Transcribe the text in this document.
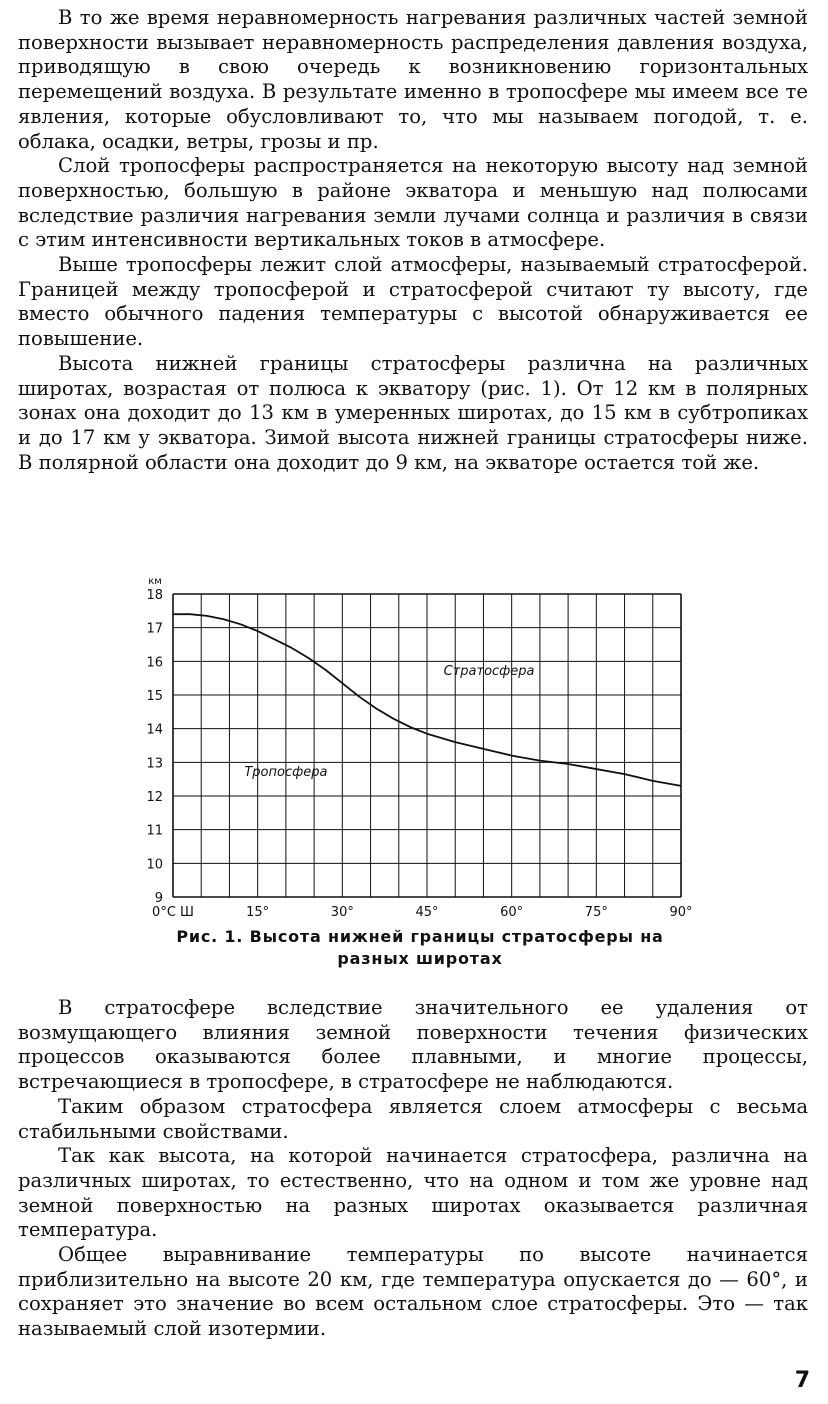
В то же время неравномерность нагревания различных частей земной поверхности вызывает неравномерность распределения давления воздуха, приводящую в свою очередь к возникновению горизонтальных перемещений воздуха. В результате именно в тропосфере мы имеем все те явления, которые обусловливают то, что мы называем погодой, т. е. облака, осадки, ветры, грозы и пр.

Слой тропосферы распространяется на некоторую высоту над земной поверхностью, большую в районе экватора и меньшую над полюсами вследствие различия нагревания земли лучами солнца и различия в связи с этим интенсивности вертикальных токов в атмосфере.

Выше тропосферы лежит слой атмосферы, называемый стратосферой. Границей между тропосферой и стратосферой считают ту высоту, где вместо обычного падения температуры с высотой обнаруживается ее повышение.

Высота нижней границы стратосферы различна на различных широтах, возрастая от полюса к экватору (рис. 1). От 12 км в полярных зонах она доходит до 13 км в умеренных широтах, до 15 км в субтропиках и до 17 км у экватора. Зимой высота нижней границы стратосферы ниже. В полярной области она доходит до 9 км, на экваторе остается той же.

9
10
11
12
13
14
15
16
17
18
0°С Ш	15°	30°	45°	60°	75°	90°
км
Стратосфера
Тропосфера
Рис. 1. Высота нижней границы стратосферы на
разных широтах

В стратосфере вследствие значительного ее удаления от возмущающего влияния земной поверхности течения физических процессов оказываются более плавными, и многие процессы, встречающиеся в тропосфере, в стратосфере не наблюдаются.

Таким образом стратосфера является слоем атмосферы с весьма стабильными свойствами.

Так как высота, на которой начинается стратосфера, различна на различных широтах, то естественно, что на одном и том же уровне над земной поверхностью на разных широтах оказывается различная температура.

Общее выравнивание температуры по высоте начинается приблизительно на высоте 20 км, где температура опускается до — 60°, и сохраняет это значение во всем остальном слое стратосферы. Это — так называемый слой изотермии.

7
